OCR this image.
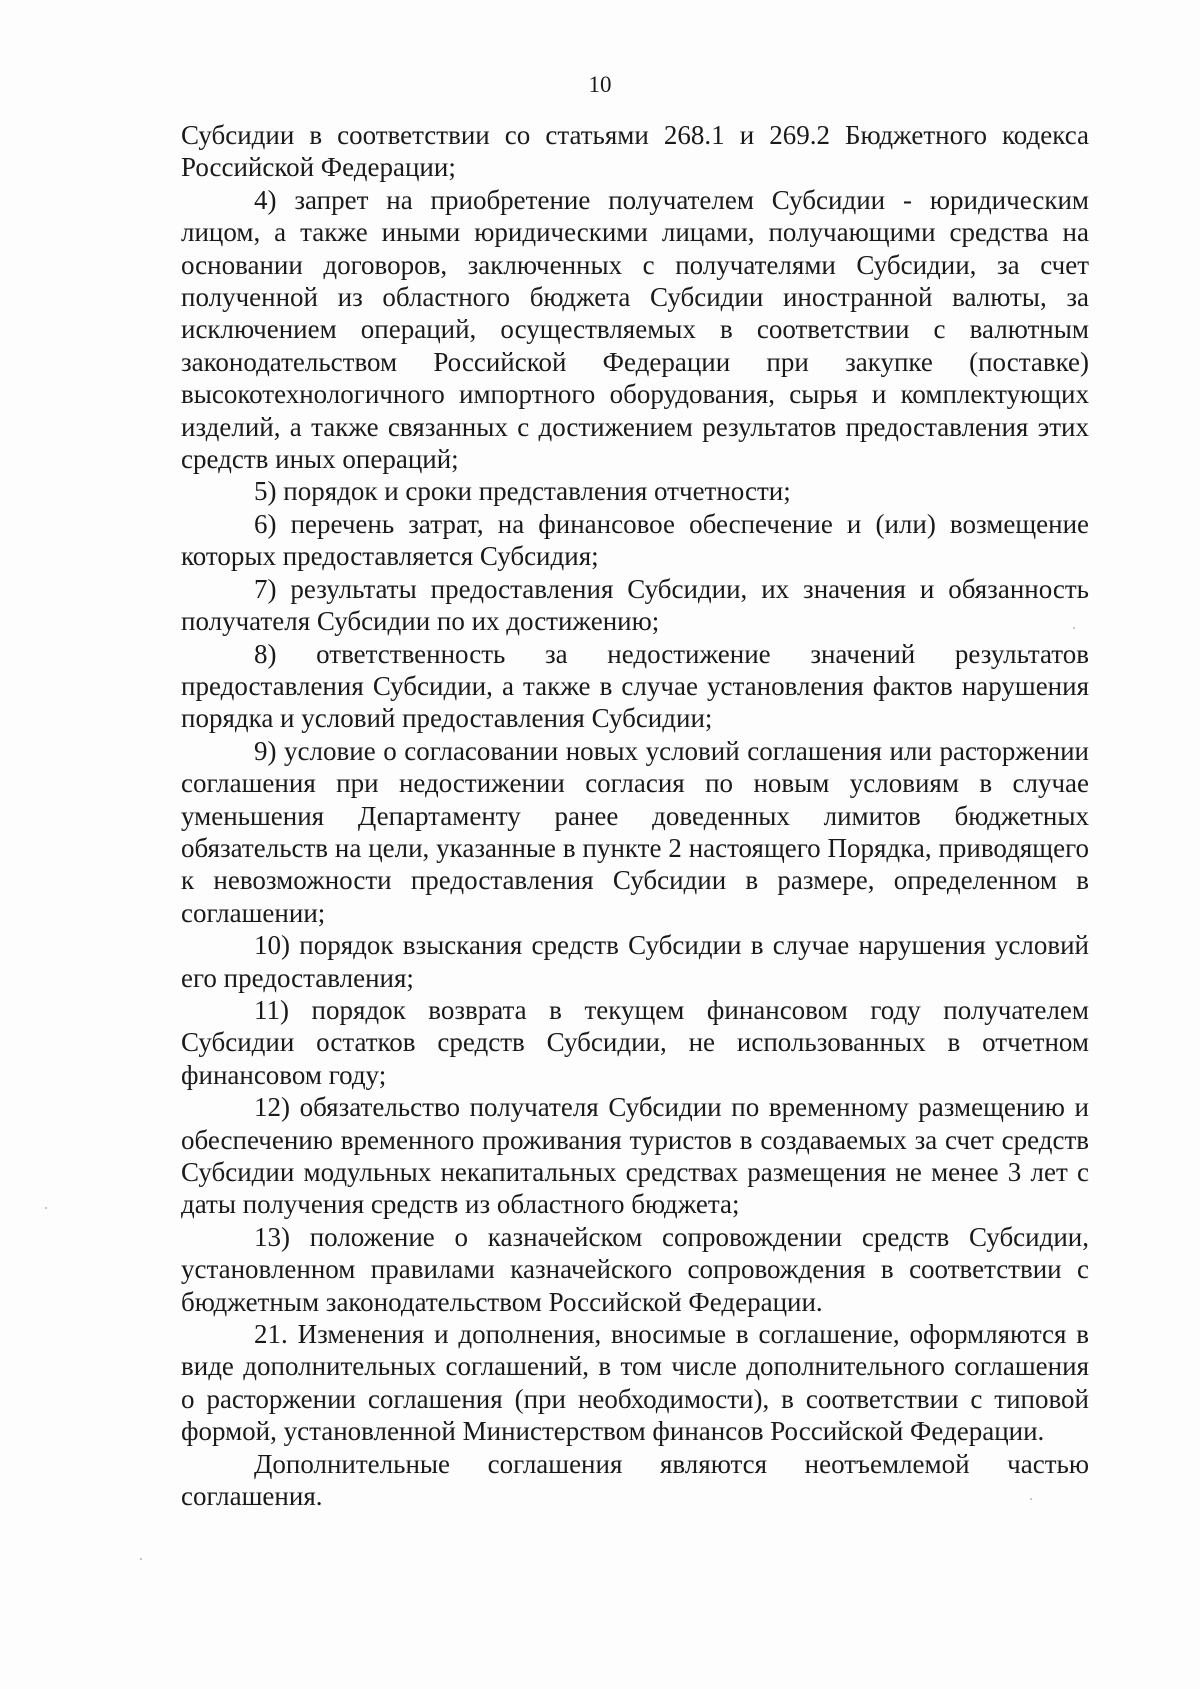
10

Субсидии в соответствии со статьями 268.1 и 269.2 Бюджетного кодекса Российской Федерации;

4) запрет на приобретение получателем Субсидии - юридическим лицом, а также иными юридическими лицами, получающими средства на основании договоров, заключенных с получателями Субсидии, за счет полученной из областного бюджета Субсидии иностранной валюты, за исключением операций, осуществляемых в соответствии с валютным законодательством Российской Федерации при закупке (поставке) высокотехнологичного импортного оборудования, сырья и комплектующих изделий, а также связанных с достижением результатов предоставления этих средств иных операций;

5) порядок и сроки представления отчетности;

6) перечень затрат, на финансовое обеспечение и (или) возмещение которых предоставляется Субсидия;

7) результаты предоставления Субсидии, их значения и обязанность получателя Субсидии по их достижению;

8) ответственность за недостижение значений результатов предоставления Субсидии, а также в случае установления фактов нарушения порядка и условий предоставления Субсидии;

9) условие о согласовании новых условий соглашения или расторжении соглашения при недостижении согласия по новым условиям в случае уменьшения Департаменту ранее доведенных лимитов бюджетных обязательств на цели, указанные в пункте 2 настоящего Порядка, приводящего к невозможности предоставления Субсидии в размере, определенном в соглашении;

10) порядок взыскания средств Субсидии в случае нарушения условий его предоставления;

11) порядок возврата в текущем финансовом году получателем Субсидии остатков средств Субсидии, не использованных в отчетном финансовом году;

12) обязательство получателя Субсидии по временному размещению и обеспечению временного проживания туристов в создаваемых за счет средств Субсидии модульных некапитальных средствах размещения не менее 3 лет с даты получения средств из областного бюджета;

13) положение о казначейском сопровождении средств Субсидии, установленном правилами казначейского сопровождения в соответствии с бюджетным законодательством Российской Федерации.

21. Изменения и дополнения, вносимые в соглашение, оформляются в виде дополнительных соглашений, в том числе дополнительного соглашения о расторжении соглашения (при необходимости), в соответствии с типовой формой, установленной Министерством финансов Российской Федерации.

Дополнительные соглашения являются неотъемлемой частью соглашения.
